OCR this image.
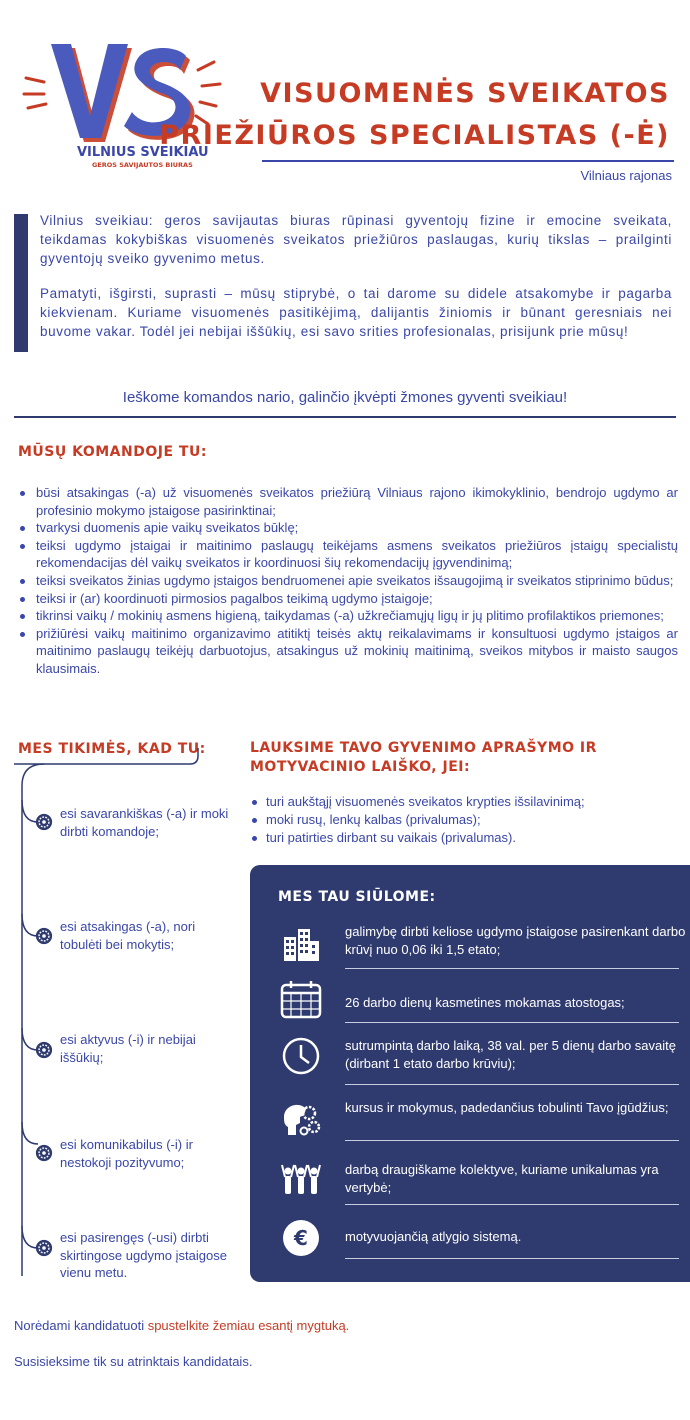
VILNIUS SVEIKIAU
GEROS SAVIJAUTOS BIURAS
VISUOMENĖS SVEIKATOS
PRIEŽIŪROS SPECIALISTAS (-Ė)
Vilniaus rajonas

Vilnius sveikiau: geros savijautas biuras rūpinasi gyventojų fizine ir emocine sveikata, teikdamas kokybiškas visuomenės sveikatos priežiūros paslaugas, kurių tikslas – prailginti gyventojų sveiko gyvenimo metus.

Pamatyti, išgirsti, suprasti – mūsų stiprybė, o tai darome su didele atsakomybe ir pagarba kiekvienam. Kuriame visuomenės pasitikėjimą, dalijantis žiniomis ir būnant geresniais nei buvome vakar. Todėl jei nebijai iššūkių, esi savo srities profesionalas, prisijunk prie mūsų!

Ieškome komandos nario, galinčio įkvėpti žmones gyventi sveikiau!
MŪSŲ KOMANDOJE TU:
būsi atsakingas (-a) už visuomenės sveikatos priežiūrą Vilniaus rajono ikimokyklinio, bendrojo ugdymo ar profesinio mokymo įstaigose pasirinktinai;
tvarkysi duomenis apie vaikų sveikatos būklę;
teiksi ugdymo įstaigai ir maitinimo paslaugų teikėjams asmens sveikatos priežiūros įstaigų specialistų rekomendacijas dėl vaikų sveikatos ir koordinuosi šių rekomendacijų įgyvendinimą;
teiksi sveikatos žinias ugdymo įstaigos bendruomenei apie sveikatos išsaugojimą ir sveikatos stiprinimo būdus;
teiksi ir (ar) koordinuoti pirmosios pagalbos teikimą ugdymo įstaigoje;
tikrinsi vaikų / mokinių asmens higieną, taikydamas (-a) užkrečiamųjų ligų ir jų plitimo profilaktikos priemones;
prižiūrėsi vaikų maitinimo organizavimo atitiktį teisės aktų reikalavimams ir konsultuosi ugdymo įstaigos ar maitinimo paslaugų teikėjų darbuotojus, atsakingus už mokinių maitinimą, sveikos mitybos ir maisto saugos klausimais.
MES TIKIMĖS, KAD TU:
esi savarankiškas (-a) ir moki dirbti komandoje;
esi atsakingas (-a), nori tobulėti bei mokytis;
esi aktyvus (-i) ir nebijai iššūkių;
esi komunikabilus (-i) ir nestokoji pozityvumo;
esi pasirengęs (-usi) dirbti skirtingose ugdymo įstaigose vienu metu.
LAUKSIME TAVO GYVENIMO APRAŠYMO IR MOTYVACINIO LAIŠKO, JEI:
turi aukštąjį visuomenės sveikatos krypties išsilavinimą;
moki rusų, lenkų kalbas (privalumas);
turi patirties dirbant su vaikais (privalumas).
MES TAU SIŪLOME:
galimybę dirbti keliose ugdymo įstaigose pasirenkant darbo krūvį nuo 0,06 iki 1,5 etato;
26 darbo dienų kasmetines mokamas atostogas;
sutrumpintą darbo laiką, 38 val. per 5 dienų darbo savaitę (dirbant 1 etato darbo krūviu);
kursus ir mokymus, padedančius tobulinti Tavo įgūdžius;
darbą draugiškame kolektyve, kuriame unikalumas yra vertybė;
€	motyvuojančią atlygio sistemą.
Norėdami kandidatuoti spustelkite žemiau esantį mygtuką.
Susisieksime tik su atrinktais kandidatais.
